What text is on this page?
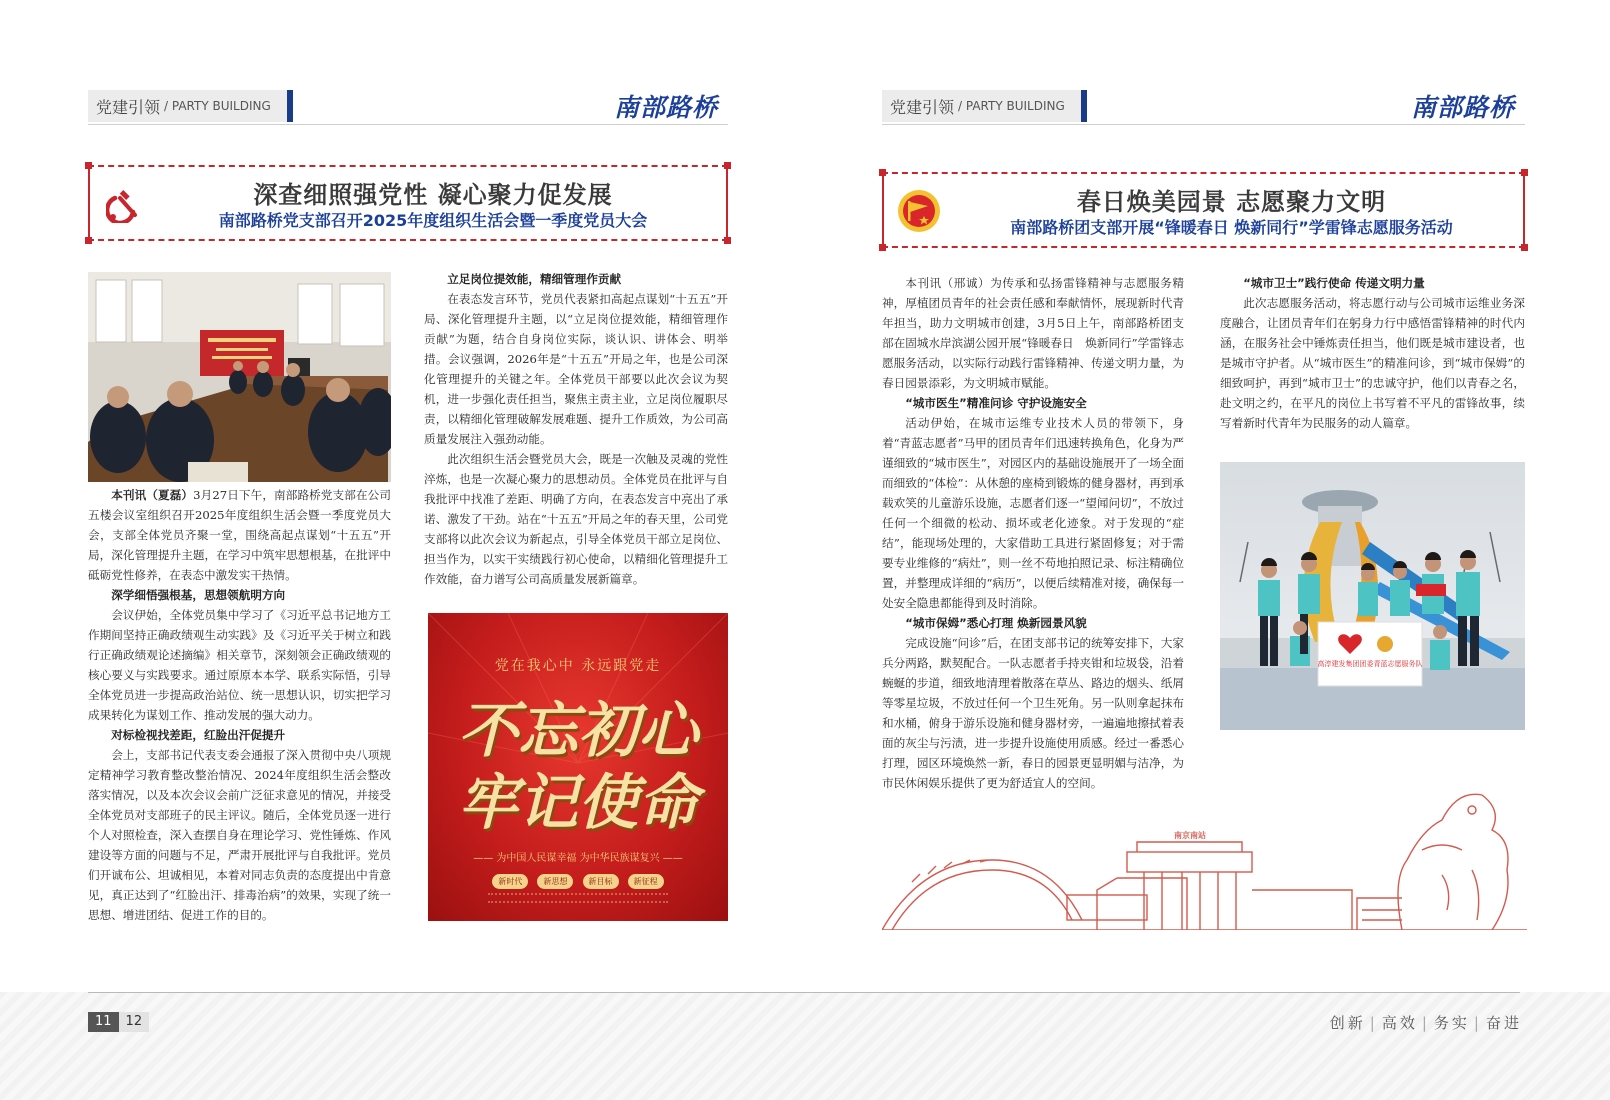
党建引领 / PARTY BUILDING	南部路桥
深查细照强党性 凝心聚力促发展
南部路桥党支部召开2025年度组织生活会暨一季度党员大会

本刊讯（夏磊）3月27日下午，南部路桥党支部在公司五楼会议室组织召开2025年度组织生活会暨一季度党员大会，支部全体党员齐聚一堂，围绕高起点谋划“十五五”开局，深化管理提升主题，在学习中筑牢思想根基，在批评中砥砺党性修养，在表态中激发实干热情。

深学细悟强根基，思想领航明方向

会议伊始，全体党员集中学习了《习近平总书记地方工作期间坚持正确政绩观生动实践》及《习近平关于树立和践行正确政绩观论述摘编》相关章节，深刻领会正确政绩观的核心要义与实践要求。通过原原本本学、联系实际悟，引导全体党员进一步提高政治站位、统一思想认识，切实把学习成果转化为谋划工作、推动发展的强大动力。

对标检视找差距，红脸出汗促提升

会上，支部书记代表支委会通报了深入贯彻中央八项规定精神学习教育整改整治情况、2024年度组织生活会整改落实情况，以及本次会议会前广泛征求意见的情况，并接受全体党员对支部班子的民主评议。随后，全体党员逐一进行个人对照检查，深入查摆自身在理论学习、党性锤炼、作风建设等方面的问题与不足，严肃开展批评与自我批评。党员们开诚布公、坦诚相见，本着对同志负责的态度提出中肯意见，真正达到了“红脸出汗、排毒治病”的效果，实现了统一思想、增进团结、促进工作的目的。

立足岗位提效能，精细管理作贡献

在表态发言环节，党员代表紧扣高起点谋划“十五五”开局、深化管理提升主题，以“立足岗位提效能，精细管理作贡献”为题，结合自身岗位实际，谈认识、讲体会、明举措。会议强调，2026年是“十五五”开局之年，也是公司深化管理提升的关键之年。全体党员干部要以此次会议为契机，进一步强化责任担当，聚焦主责主业，立足岗位履职尽责，以精细化管理破解发展难题、提升工作质效，为公司高质量发展注入强劲动能。

此次组织生活会暨党员大会，既是一次触及灵魂的党性淬炼，也是一次凝心聚力的思想动员。全体党员在批评与自我批评中找准了差距、明确了方向，在表态发言中亮出了承诺、激发了干劲。站在“十五五”开局之年的春天里，公司党支部将以此次会议为新起点，引导全体党员干部立足岗位、担当作为，以实干实绩践行初心使命，以精细化管理提升工作效能，奋力谱写公司高质量发展新篇章。

党在我心中 永远跟党走
不忘初心
牢记使命
—— 为中国人民谋幸福 为中华民族谋复兴 ——
新时代	新思想	新目标	新征程
党建引领 / PARTY BUILDING	南部路桥
春日焕美园景 志愿聚力文明
南部路桥团支部开展“锋暖春日 焕新同行”学雷锋志愿服务活动

本刊讯（邢诚）为传承和弘扬雷锋精神与志愿服务精神，厚植团员青年的社会责任感和奉献情怀，展现新时代青年担当，助力文明城市创建，3月5日上午，南部路桥团支部在固城水岸滨湖公园开展“锋暖春日　焕新同行”学雷锋志愿服务活动，以实际行动践行雷锋精神、传递文明力量，为春日园景添彩，为文明城市赋能。

“城市医生”精准问诊 守护设施安全

活动伊始，在城市运维专业技术人员的带领下，身着“青蓝志愿者”马甲的团员青年们迅速转换角色，化身为严谨细致的“城市医生”，对园区内的基础设施展开了一场全面而细致的“体检”：从休憩的座椅到锻炼的健身器材，再到承载欢笑的儿童游乐设施，志愿者们逐一“望闻问切”，不放过任何一个细微的松动、损坏或老化迹象。对于发现的“症结”，能现场处理的，大家借助工具进行紧固修复；对于需要专业维修的“病灶”，则一丝不苟地拍照记录、标注精确位置，并整理成详细的“病历”，以便后续精准对接，确保每一处安全隐患都能得到及时消除。

“城市保姆”悉心打理 焕新园景风貌

完成设施“问诊”后，在团支部书记的统筹安排下，大家兵分两路，默契配合。一队志愿者手持夹钳和垃圾袋，沿着蜿蜒的步道，细致地清理着散落在草丛、路边的烟头、纸屑等零星垃圾，不放过任何一个卫生死角。另一队则拿起抹布和水桶，俯身于游乐设施和健身器材旁，一遍遍地擦拭着表面的灰尘与污渍，进一步提升设施使用质感。经过一番悉心打理，园区环境焕然一新，春日的园景更显明媚与洁净，为市民休闲娱乐提供了更为舒适宜人的空间。

“城市卫士”践行使命 传递文明力量

此次志愿服务活动，将志愿行动与公司城市运维业务深度融合，让团员青年们在躬身力行中感悟雷锋精神的时代内涵，在服务社会中锤炼责任担当，他们既是城市建设者，也是城市守护者。从“城市医生”的精准问诊，到“城市保姆”的细致呵护，再到“城市卫士”的忠诚守护，他们以青春之名，赴文明之约，在平凡的岗位上书写着不平凡的雷锋故事，续写着新时代青年为民服务的动人篇章。

高淳建发集团团委青蓝志愿服务队
南京南站
11 12	创新 | 高效 | 务实 | 奋进
